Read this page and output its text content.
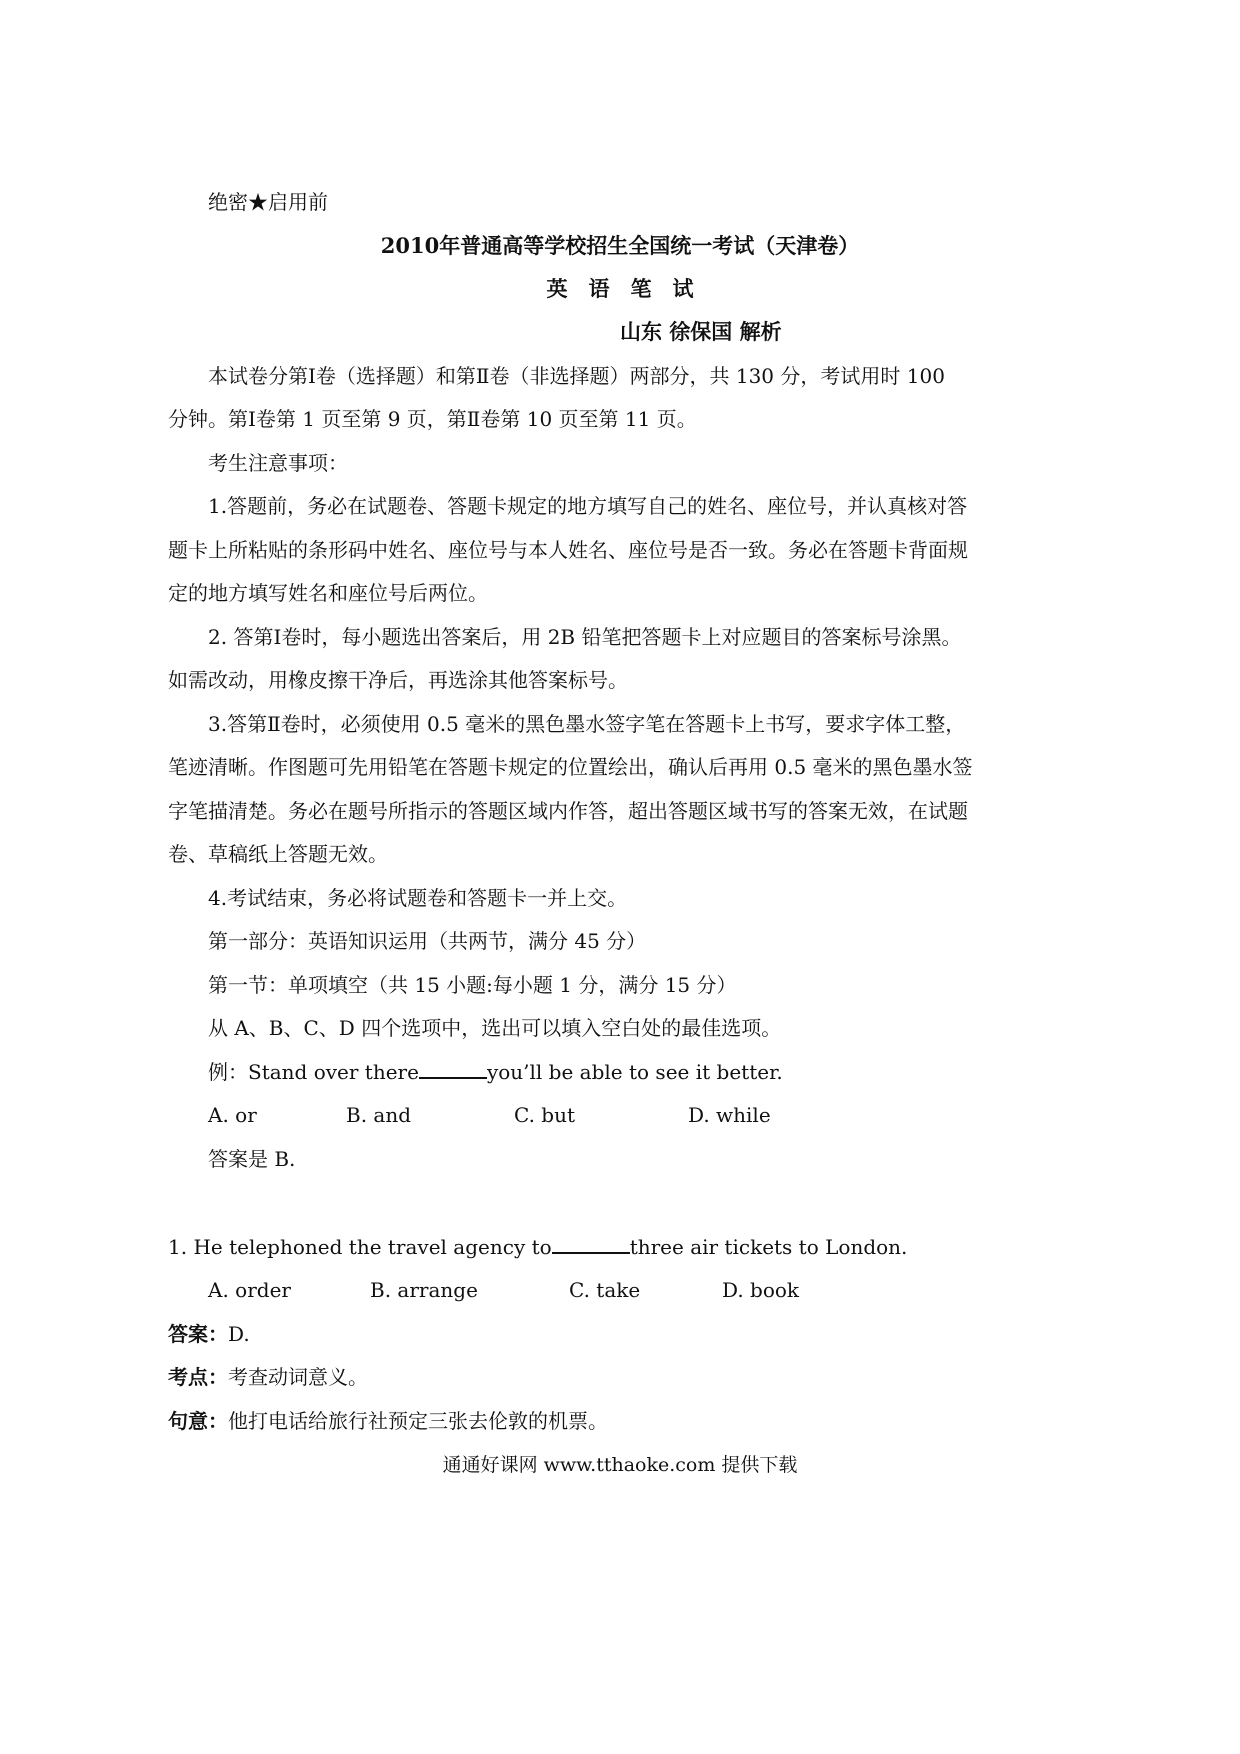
绝密★启用前
2010年普通高等学校招生全国统一考试（天津卷）
英　语　笔　试
山东 徐保国 解析
本试卷分第Ⅰ卷（选择题）和第Ⅱ卷（非选择题）两部分，共 130 分，考试用时 100
分钟。第Ⅰ卷第 1 页至第 9 页，第Ⅱ卷第 10 页至第 11 页。
考生注意事项：
1.答题前，务必在试题卷、答题卡规定的地方填写自己的姓名、座位号，并认真核对答
题卡上所粘贴的条形码中姓名、座位号与本人姓名、座位号是否一致。务必在答题卡背面规
定的地方填写姓名和座位号后两位。
2. 答第Ⅰ卷时，每小题选出答案后，用 2B 铅笔把答题卡上对应题目的答案标号涂黑。
如需改动，用橡皮擦干净后，再选涂其他答案标号。
3.答第Ⅱ卷时，必须使用 0.5 毫米的黑色墨水签字笔在答题卡上书写，要求字体工整，
笔迹清晰。作图题可先用铅笔在答题卡规定的位置绘出，确认后再用 0.5 毫米的黑色墨水签
字笔描清楚。务必在题号所指示的答题区域内作答，超出答题区域书写的答案无效，在试题
卷、草稿纸上答题无效。
4.考试结束，务必将试题卷和答题卡一并上交。
第一部分：英语知识运用（共两节，满分 45 分）
第一节：单项填空（共 15 小题:每小题 1 分，满分 15 分）
从 A、B、C、D 四个选项中，选出可以填入空白处的最佳选项。
例：Stand over there	you’ll be able to see it better.
A. or	B. and	C. but	D. while
答案是 B.
1. He telephoned the travel agency to	three air tickets to London.
A. order	B. arrange	C. take	D. book
答案：D.
考点：考查动词意义。
句意：他打电话给旅行社预定三张去伦敦的机票。
通通好课网 www.tthaoke.com 提供下载
